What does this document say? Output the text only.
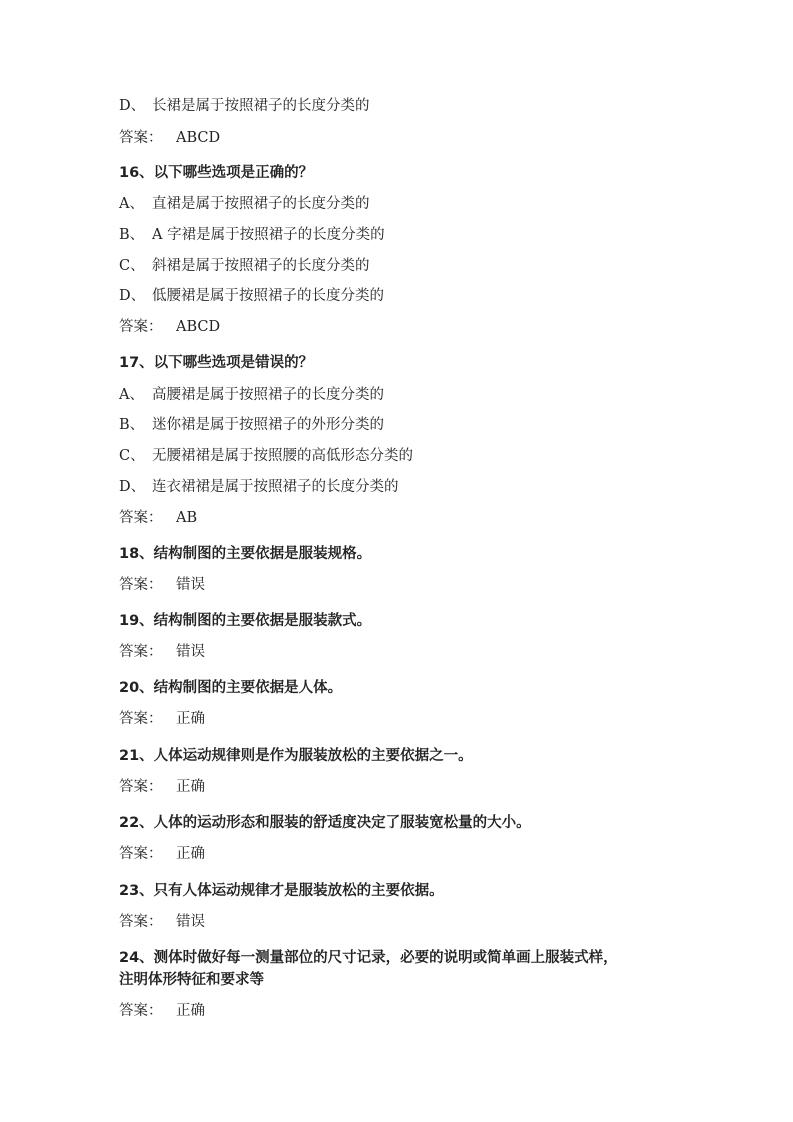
D、 长裙是属于按照裙子的长度分类的
答案： ABCD
16、以下哪些选项是正确的？
A、 直裙是属于按照裙子的长度分类的
B、 A 字裙是属于按照裙子的长度分类的
C、 斜裙是属于按照裙子的长度分类的
D、 低腰裙是属于按照裙子的长度分类的
答案： ABCD
17、以下哪些选项是错误的？
A、 高腰裙是属于按照裙子的长度分类的
B、 迷你裙是属于按照裙子的外形分类的
C、 无腰裙裙是属于按照腰的高低形态分类的
D、 连衣裙裙是属于按照裙子的长度分类的
答案： AB
18、结构制图的主要依据是服装规格。
答案： 错误
19、结构制图的主要依据是服装款式。
答案： 错误
20、结构制图的主要依据是人体。
答案： 正确
21、人体运动规律则是作为服装放松的主要依据之一。
答案： 正确
22、人体的运动形态和服装的舒适度决定了服装宽松量的大小。
答案： 正确
23、只有人体运动规律才是服装放松的主要依据。
答案： 错误
24、测体时做好每一测量部位的尺寸记录，必要的说明或简单画上服装式样，
注明体形特征和要求等
答案： 正确
